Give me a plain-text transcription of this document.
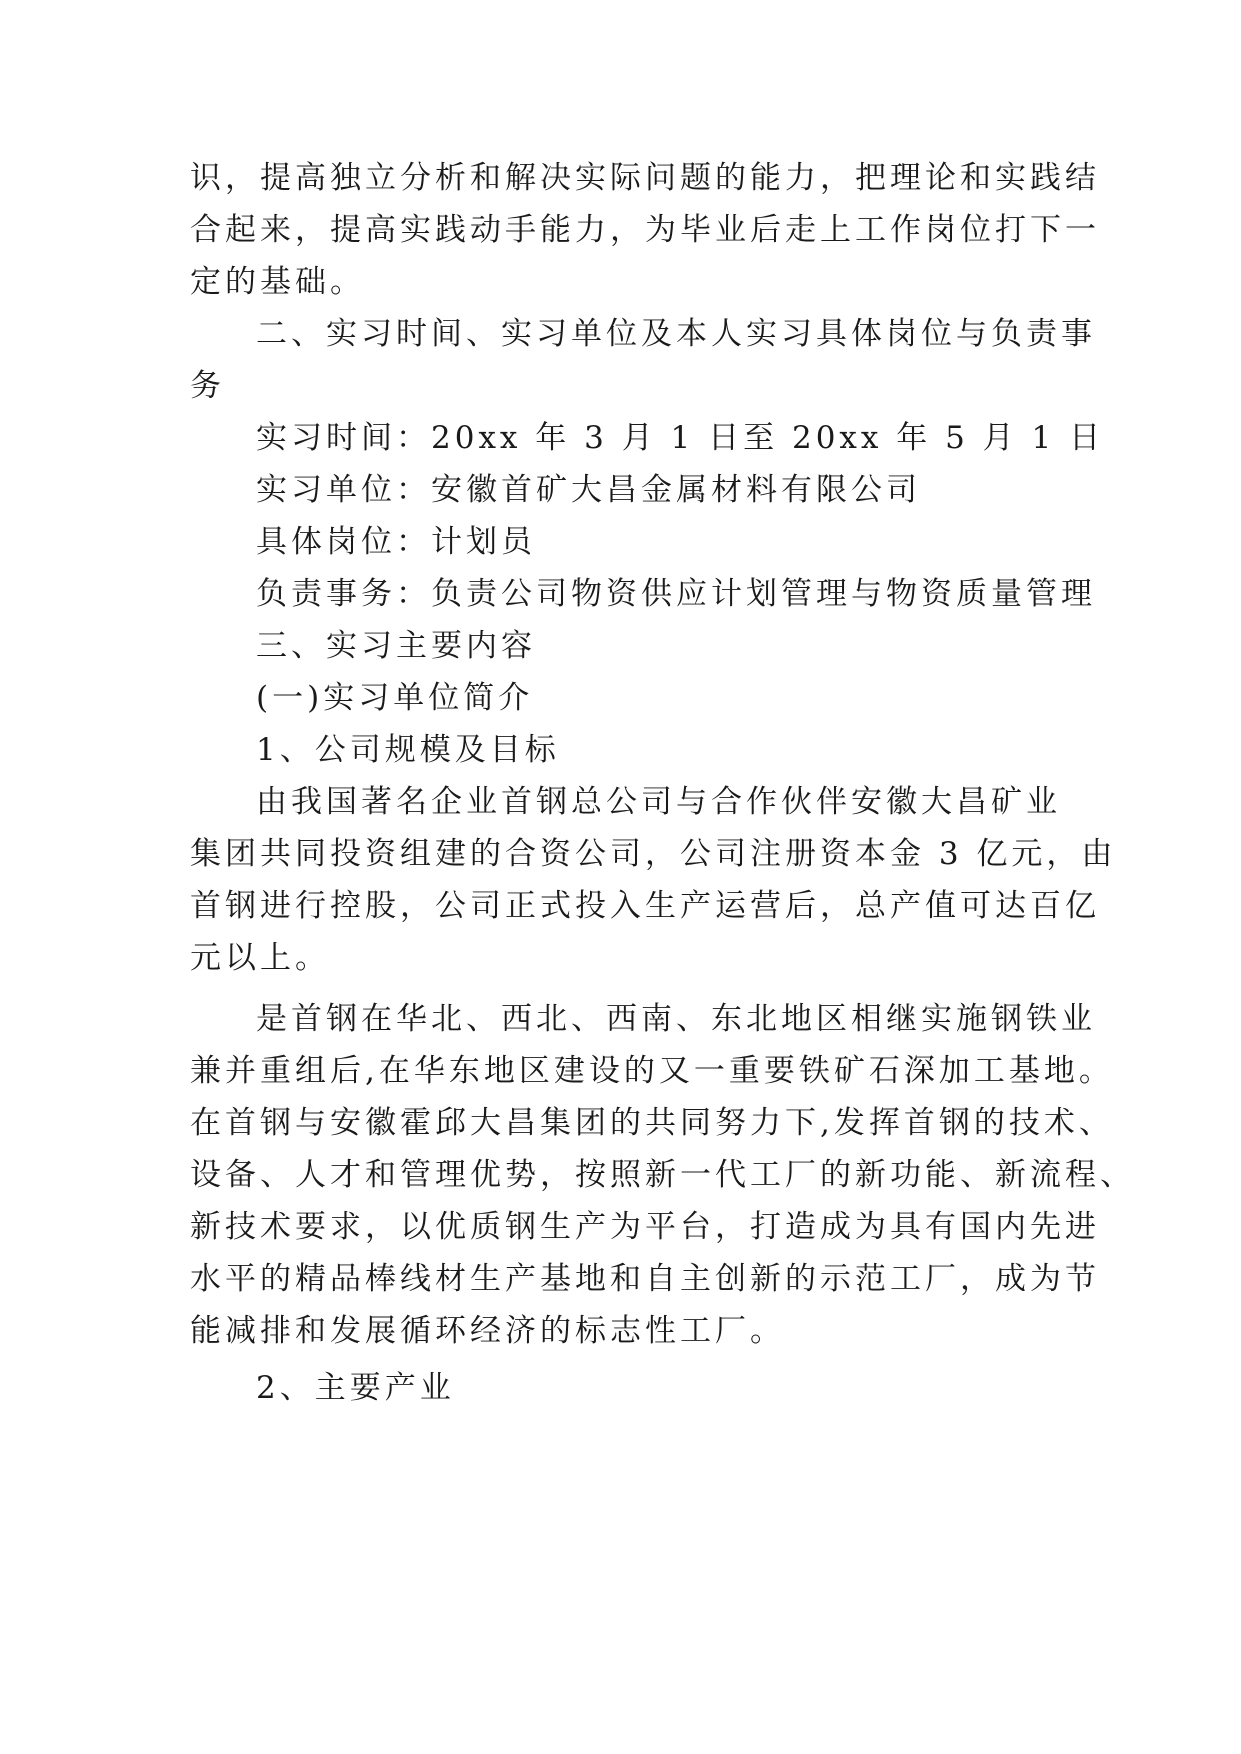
识，提高独立分析和解决实际问题的能力，把理论和实践结
合起来，提高实践动手能力，为毕业后走上工作岗位打下一
定的基础。
二、实习时间、实习单位及本人实习具体岗位与负责事
务
实习时间：20xx 年 3 月 1 日至 20xx 年 5 月 1 日
实习单位：安徽首矿大昌金属材料有限公司
具体岗位：计划员
负责事务：负责公司物资供应计划管理与物资质量管理
三、实习主要内容
(一)实习单位简介
1、公司规模及目标
由我国著名企业首钢总公司与合作伙伴安徽大昌矿业
集团共同投资组建的合资公司，公司注册资本金 3 亿元，由
首钢进行控股，公司正式投入生产运营后，总产值可达百亿
元以上。
是首钢在华北、西北、西南、东北地区相继实施钢铁业
兼并重组后,在华东地区建设的又一重要铁矿石深加工基地。
在首钢与安徽霍邱大昌集团的共同努力下,发挥首钢的技术、
设备、人才和管理优势，按照新一代工厂的新功能、新流程、
新技术要求，以优质钢生产为平台，打造成为具有国内先进
水平的精品棒线材生产基地和自主创新的示范工厂，成为节
能减排和发展循环经济的标志性工厂。
2、主要产业
